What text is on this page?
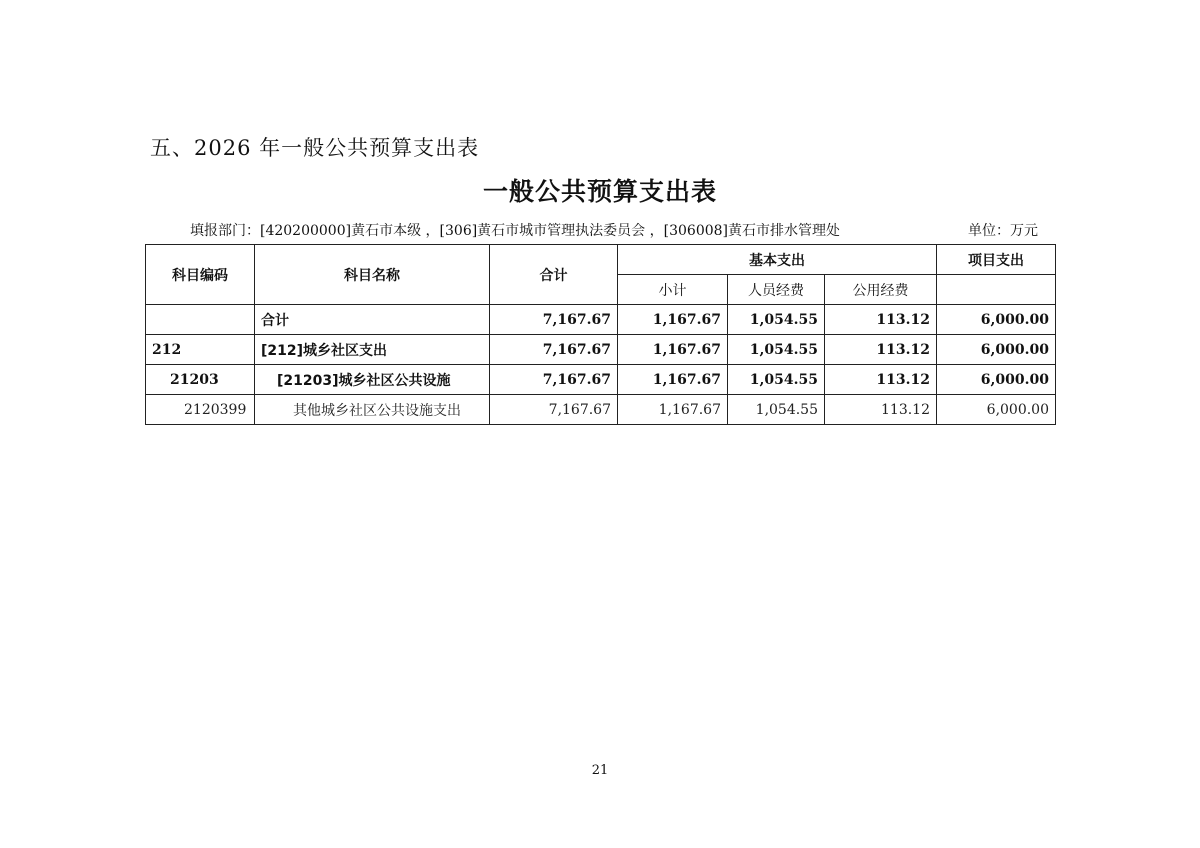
五、2026 年一般公共预算支出表
一般公共预算支出表
填报部门：[420200000]黄石市本级 ，[306]黄石市城市管理执法委员会 ，[306008]黄石市排水管理处	单位：万元
科目编码	科目名称	合计	基本支出			项目支出
			小计	人员经费	公用经费	
	合计	7,167.67	1,167.67	1,054.55	113.12	6,000.00
212	[212]城乡社区支出	7,167.67	1,167.67	1,054.55	113.12	6,000.00
21203	[21203]城乡社区公共设施	7,167.67	1,167.67	1,054.55	113.12	6,000.00
2120399	其他城乡社区公共设施支出	7,167.67	1,167.67	1,054.55	113.12	6,000.00
21
